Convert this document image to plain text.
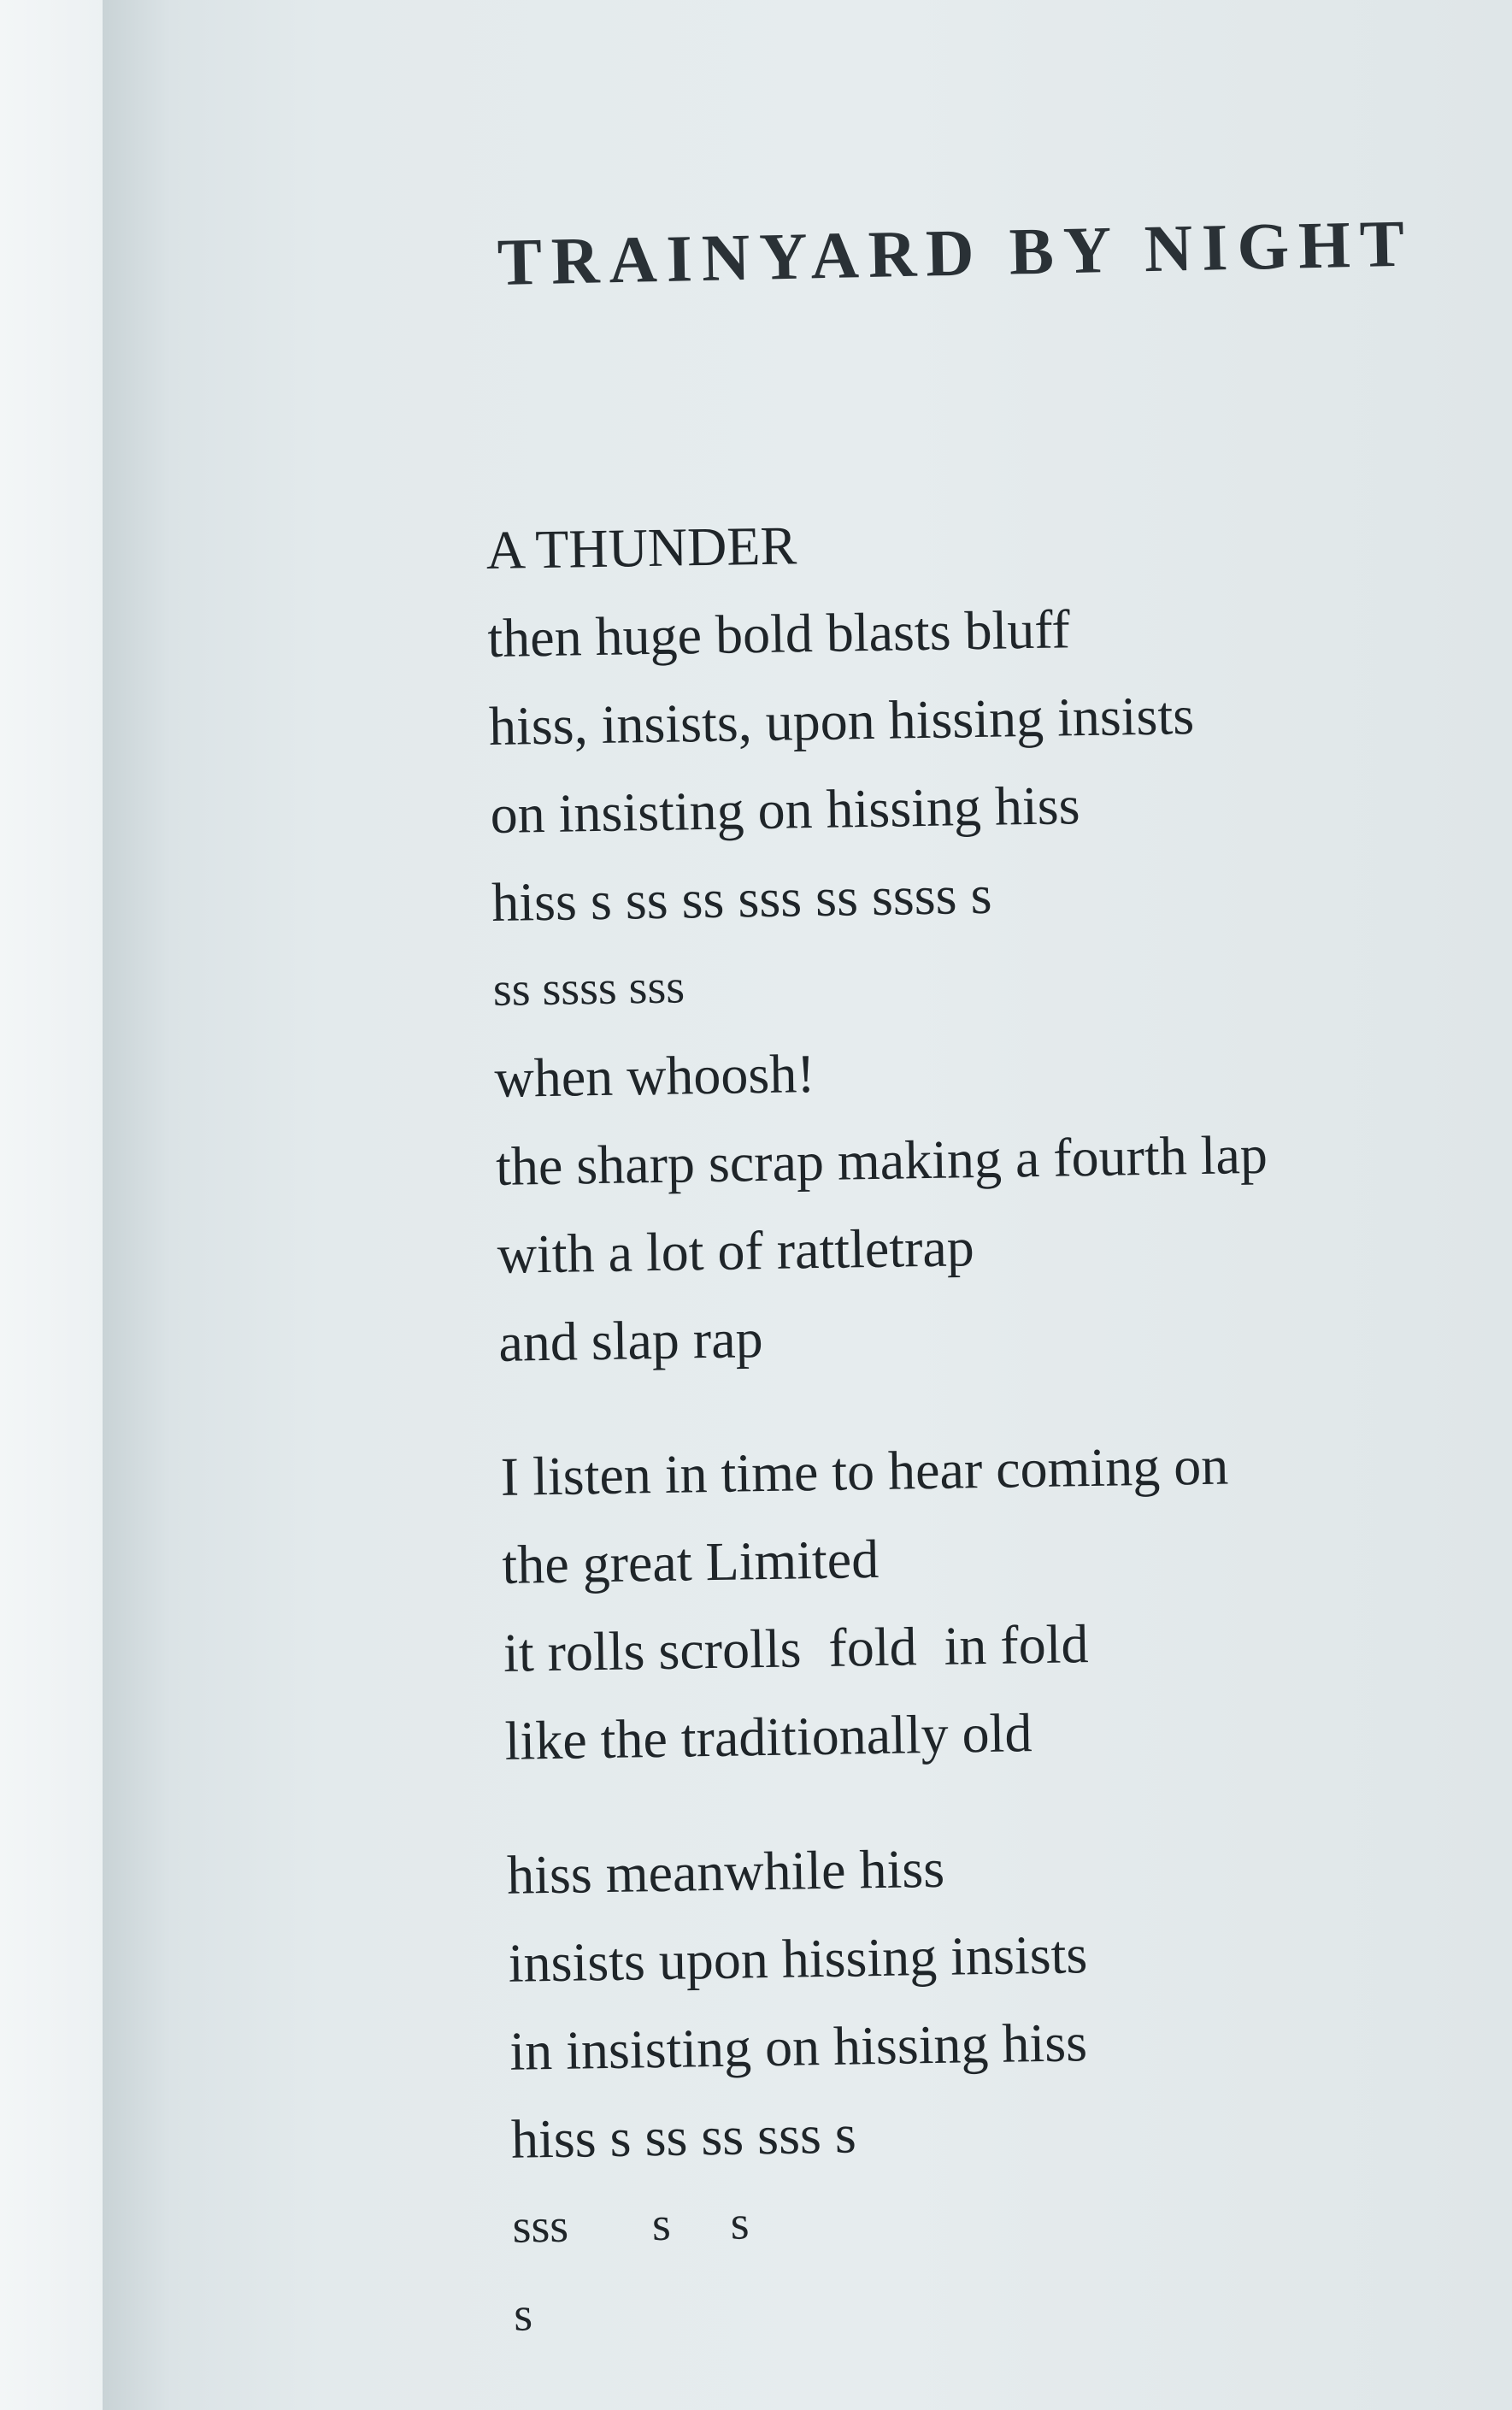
TRAINYARD BY NIGHT
A THUNDER
then huge bold blasts bluff
hiss, insists, upon hissing insists
on insisting on hissing hiss
hiss s ss ss sss ss ssss s
ss ssss sss
when whoosh!
the sharp scrap making a fourth lap
with a lot of rattletrap
and slap rap
I listen in time to hear coming on
the great Limited
it rolls scrolls  fold  in fold
like the traditionally old
hiss meanwhile hiss
insists upon hissing insists
in insisting on hissing hiss
hiss s ss ss sss s
sss       s     s
s
